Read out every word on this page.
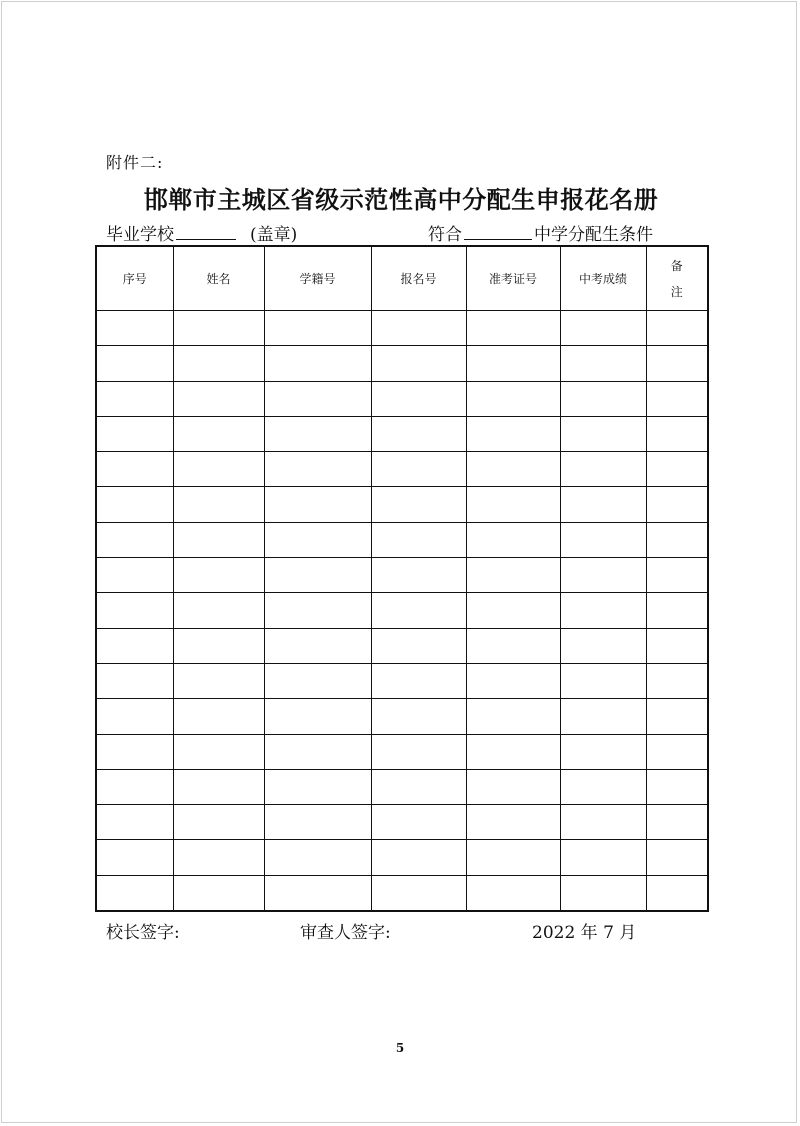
附件二:
邯郸市主城区省级示范性高中分配生申报花名册
毕业学校	(盖章)	符合	中学分配生条件
序号	姓名	学籍号	报名号	准考证号	中考成绩	备
注

校长签字:	审查人签字:	2022 年 7 月
5
